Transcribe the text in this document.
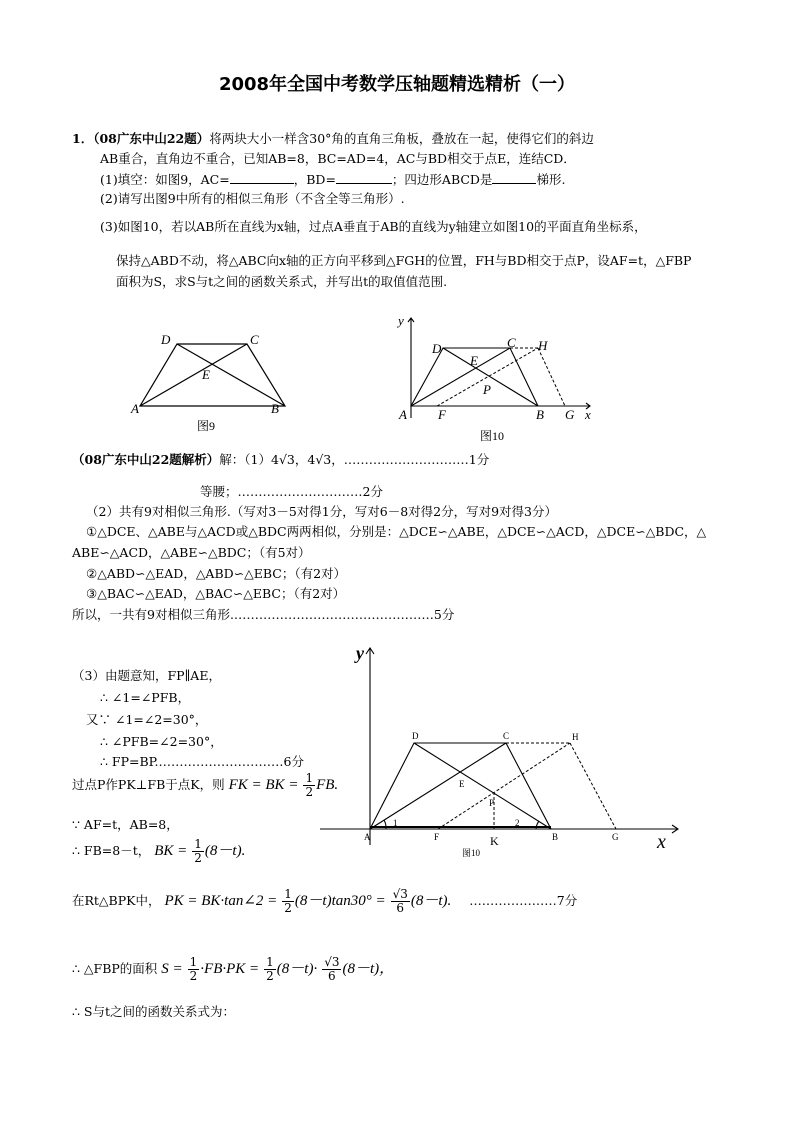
2008年全国中考数学压轴题精选精析（一）
1．（08广东中山22题）将两块大小一样含30°角的直角三角板，叠放在一起，使得它们的斜边
AB重合，直角边不重合，已知AB=8，BC=AD=4，AC与BD相交于点E，连结CD．
(1)填空：如图9，AC=	，BD=	；四边形ABCD是	梯形.
(2)请写出图9中所有的相似三角形（不含全等三角形）.
(3)如图10，若以AB所在直线为x轴，过点A垂直于AB的直线为y轴建立如图10的平面直角坐标系，
保持△ABD不动，将△ABC向x轴的正方向平移到△FGH的位置，FH与BD相交于点P，设AF=t，△FBP
面积为S，求S与t之间的函数关系式，并写出t的取值值范围.
D	C
E
A	B
图9
y
x
D	C H
E
P
A F	B G
图10
（08广东中山22题解析）解：（1）4√3，4√3，…………………………1分
等腰；…………………………2分
（2）共有9对相似三角形.（写对3－5对得1分，写对6－8对得2分，写对9对得3分）
①△DCE、△ABE与△ACD或△BDC两两相似，分别是：△DCE∽△ABE，△DCE∽△ACD，△DCE∽△BDC，△
ABE∽△ACD，△ABE∽△BDC；（有5对）
②△ABD∽△EAD，△ABD∽△EBC；（有2对）
③△BAC∽△EAD，△BAC∽△EBC；（有2对）
所以，一共有9对相似三角形.…………………………………………5分
（3）由题意知，FP∥AE，
∴ ∠1=∠PFB，
又∵ ∠1=∠2=30°，
∴ ∠PFB=∠2=30°，
∴ FP=BP.…………………………6分
过点P作PK⊥FB于点K，则 FK = BK = $\frac{1}{2}$ FB.
∵ AF=t，AB=8，
∴ FB=8－t， BK = $\frac{1}{2} (8-t)$.
在Rt△BPK中， PK = BK·tan∠2 = $\frac{1}{2} (8-t)\tan 30^\circ = \frac{√3}{6} (8-t)$. …………………7分
∴ △FBP的面积 $S = \frac{1}{2} \cdot FB\cdot PK = \frac{1}{2} (8-t)\cdot \frac{√3}{6} (8-t)$，
∴ S与t之间的函数关系式为：
D	C	H
E
P
A	F	B	G
1	2
图10
K
y
x
